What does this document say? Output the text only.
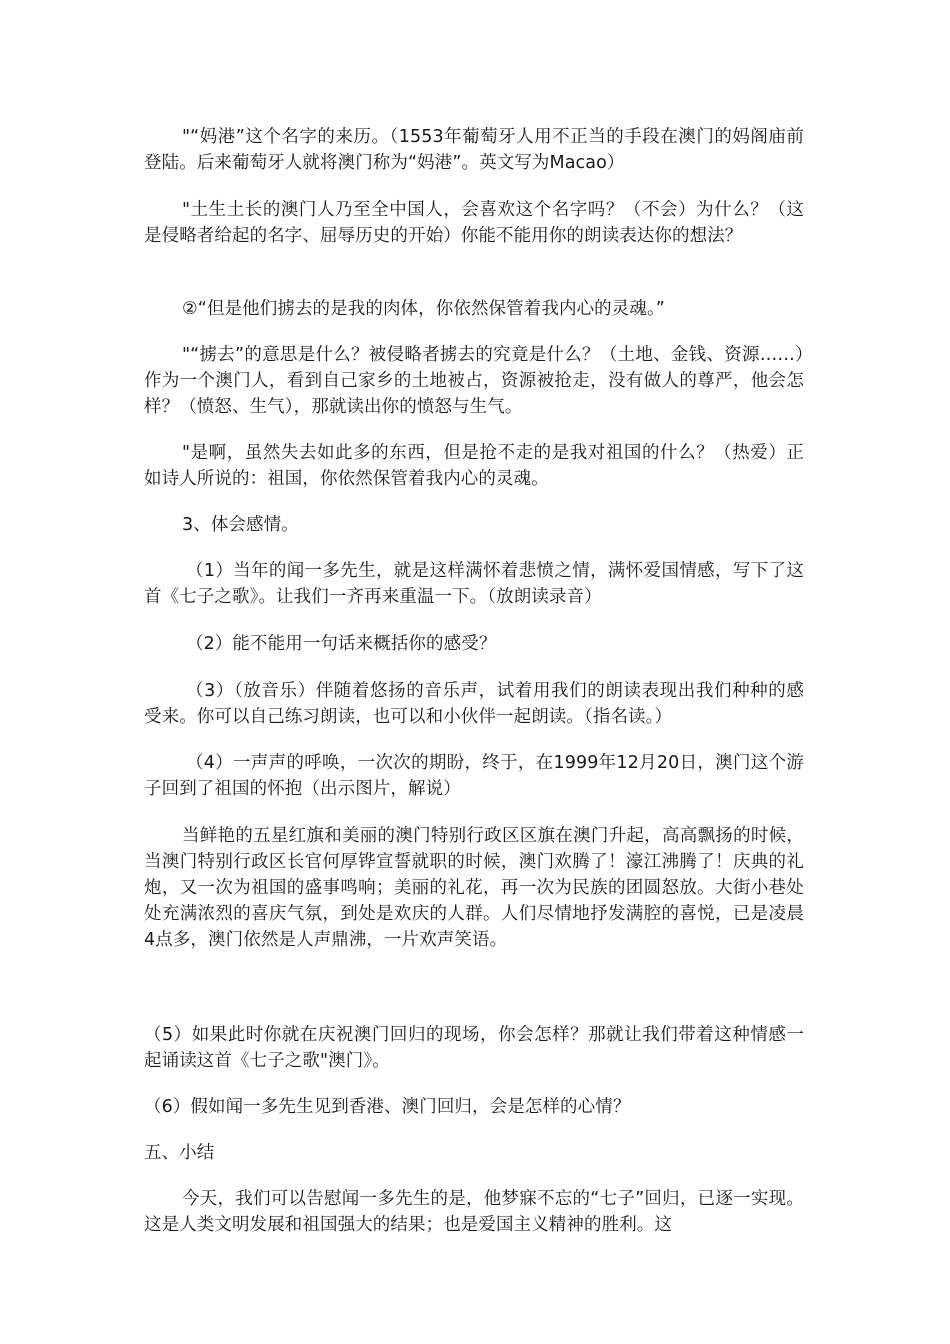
"“妈港”这个名字的来历。（1553年葡萄牙人用不正当的手段在澳门的妈阁庙前登陆。后来葡萄牙人就将澳门称为“妈港”。英文写为Macao）

"土生土长的澳门人乃至全中国人，会喜欢这个名字吗？（不会）为什么？（这是侵略者给起的名字、屈辱历史的开始）你能不能用你的朗读表达你的想法？

②“但是他们掳去的是我的肉体，你依然保管着我内心的灵魂。”

"“掳去”的意思是什么？被侵略者掳去的究竟是什么？（土地、金钱、资源……）作为一个澳门人，看到自己家乡的土地被占，资源被抢走，没有做人的尊严，他会怎样？（愤怒、生气），那就读出你的愤怒与生气。

"是啊，虽然失去如此多的东西，但是抢不走的是我对祖国的什么？（热爱）正如诗人所说的：祖国，你依然保管着我内心的灵魂。

3、体会感情。

（1）当年的闻一多先生，就是这样满怀着悲愤之情，满怀爱国情感，写下了这首《七子之歌》。让我们一齐再来重温一下。（放朗读录音）

（2）能不能用一句话来概括你的感受？

（3）（放音乐）伴随着悠扬的音乐声，试着用我们的朗读表现出我们种种的感受来。你可以自己练习朗读，也可以和小伙伴一起朗读。（指名读。）

（4）一声声的呼唤，一次次的期盼，终于，在1999年12月20日，澳门这个游子回到了祖国的怀抱（出示图片，解说）

当鲜艳的五星红旗和美丽的澳门特别行政区区旗在澳门升起，高高飘扬的时候，当澳门特别行政区长官何厚铧宣誓就职的时候，澳门欢腾了！濠江沸腾了！庆典的礼炮，又一次为祖国的盛事鸣响；美丽的礼花，再一次为民族的团圆怒放。大街小巷处处充满浓烈的喜庆气氛，到处是欢庆的人群。人们尽情地抒发满腔的喜悦，已是凌晨4点多，澳门依然是人声鼎沸，一片欢声笑语。

（5）如果此时你就在庆祝澳门回归的现场，你会怎样？那就让我们带着这种情感一起诵读这首《七子之歌"澳门》。

（6）假如闻一多先生见到香港、澳门回归，会是怎样的心情？

五、小结

今天，我们可以告慰闻一多先生的是，他梦寐不忘的“七子”回归，已逐一实现。这是人类文明发展和祖国强大的结果；也是爱国主义精神的胜利。这
